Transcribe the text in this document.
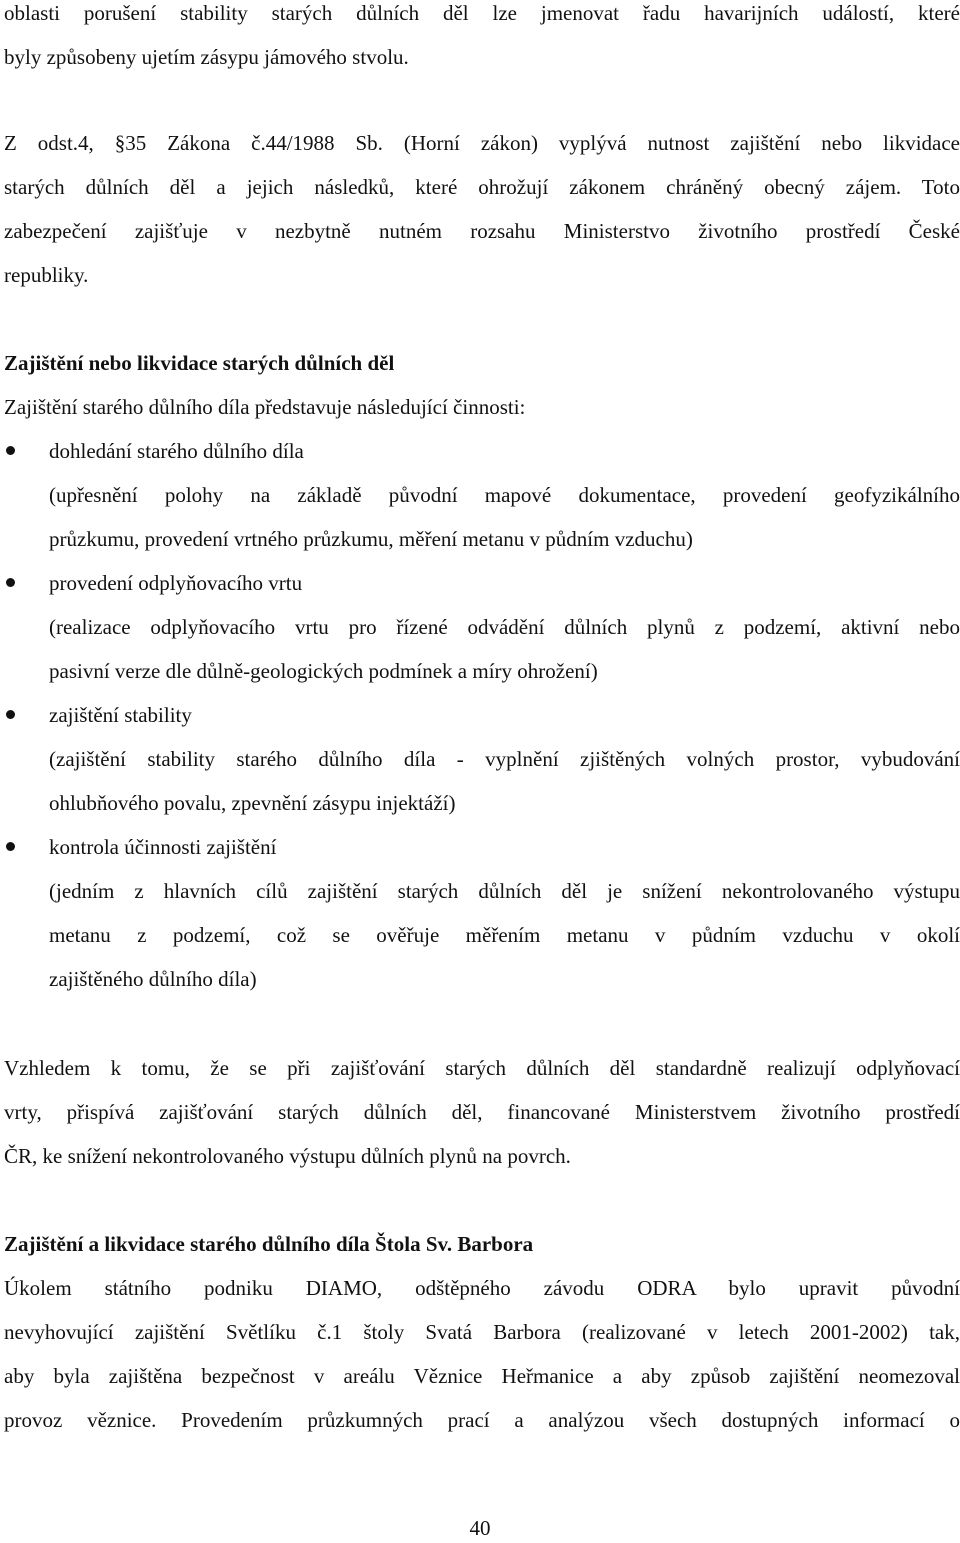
oblasti porušení stability starých důlních děl lze jmenovat řadu havarijních událostí, které
byly způsobeny ujetím zásypu jámového stvolu.
Z odst.4, §35 Zákona č.44/1988 Sb. (Horní zákon) vyplývá nutnost zajištění nebo likvidace
starých důlních děl a jejich následků, které ohrožují zákonem chráněný obecný zájem. Toto
zabezpečení zajišťuje v nezbytně nutném rozsahu Ministerstvo životního prostředí České
republiky.
Zajištění nebo likvidace starých důlních děl
Zajištění starého důlního díla představuje následující činnosti:
dohledání starého důlního díla
(upřesnění polohy na základě původní mapové dokumentace, provedení geofyzikálního
průzkumu, provedení vrtného průzkumu, měření metanu v půdním vzduchu)
provedení odplyňovacího vrtu
(realizace odplyňovacího vrtu pro řízené odvádění důlních plynů z podzemí, aktivní nebo
pasivní verze dle důlně-geologických podmínek a míry ohrožení)
zajištění stability
(zajištění stability starého důlního díla - vyplnění zjištěných volných prostor, vybudování
ohlubňového povalu, zpevnění zásypu injektáží)
kontrola účinnosti zajištění
(jedním z hlavních cílů zajištění starých důlních děl je snížení nekontrolovaného výstupu
metanu z podzemí, což se ověřuje měřením metanu v půdním vzduchu v okolí
zajištěného důlního díla)
Vzhledem k tomu, že se při zajišťování starých důlních děl standardně realizují odplyňovací
vrty, přispívá zajišťování starých důlních děl, financované Ministerstvem životního prostředí
ČR, ke snížení nekontrolovaného výstupu důlních plynů na povrch.
Zajištění a likvidace starého důlního díla Štola Sv. Barbora
Úkolem státního podniku DIAMO, odštěpného závodu ODRA bylo upravit původní
nevyhovující zajištění Světlíku č.1 štoly Svatá Barbora (realizované v letech 2001-2002) tak,
aby byla zajištěna bezpečnost v areálu Věznice Heřmanice a aby způsob zajištění neomezoval
provoz věznice. Provedením průzkumných prací a analýzou všech dostupných informací o
40
